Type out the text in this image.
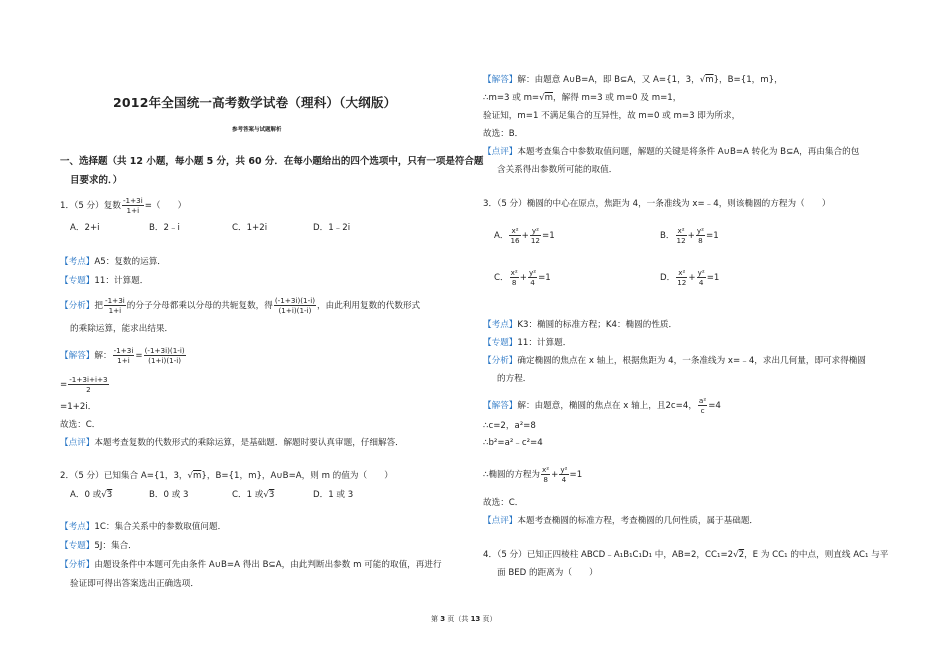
2012年全国统一高考数学试卷（理科）（大纲版）
参考答案与试题解析
一、选择题（共 12 小题，每小题 5 分，共 60 分．在每小题给出的四个选项中，只有一项是符合题
目要求的．）
1．（5 分）复数 $\frac{-1+3i}{1+i}$ =（　　）
A．2+i	B．2﹣i	C．1+2i	D．1﹣2i
【考点】A5：复数的运算．
【专题】11：计算题．
【分析】把 $\frac{-1+3i}{1+i}$ 的分子分母都乘以分母的共轭复数，得 $\frac{(-1+3i)(1-i)}{(1+i)(1-i)}$ ，由此利用复数的代数形式
的乘除运算，能求出结果．
【解答】解： $\frac{-1+3i}{1+i} = \frac{(-1+3i)(1-i)}{(1+i)(1-i)}$
= $\frac{-1+3i+i+3}{2}$
=1+2i．
故选：C．
【点评】本题考查复数的代数形式的乘除运算，是基础题．解题时要认真审题，仔细解答．
2．（5 分）已知集合 A={1，3，√m}，B={1，m}，A∪B=A，则 m 的值为（　　）
A．0 或√3	B．0 或 3	C．1 或√3	D．1 或 3
【考点】1C：集合关系中的参数取值问题．
【专题】5J：集合．
【分析】由题设条件中本题可先由条件 A∪B=A 得出 B⊆A，由此判断出参数 m 可能的取值，再进行
验证即可得出答案选出正确选项．
【解答】解：由题意 A∪B=A，即 B⊆A，又 A={1，3，√m}，B={1，m}，
∴m=3 或 m=√m，解得 m=3 或 m=0 及 m=1，
验证知，m=1 不满足集合的互异性，故 m=0 或 m=3 即为所求，
故选：B．
【点评】本题考查集合中参数取值问题，解题的关键是将条件 A∪B=A 转化为 B⊆A，再由集合的包
含关系得出参数所可能的取值．
3．（5 分）椭圆的中心在原点，焦距为 4，一条准线为 x=﹣4，则该椭圆的方程为（　　）
A． $\frac{\text{x²}}{16} + \frac{\text{y²}}{12} =1$	B． $\frac{\text{x²}}{12} + \frac{\text{y²}}{8} =1$
C． $\frac{\text{x²}}{8} + \frac{\text{y²}}{4} =1$	D． $\frac{\text{x²}}{12} + \frac{\text{y²}}{4} =1$
【考点】K3：椭圆的标准方程；K4：椭圆的性质．
【专题】11：计算题．
【分析】确定椭圆的焦点在 x 轴上，根据焦距为 4，一条准线为 x=﹣4，求出几何量，即可求得椭圆
的方程．
【解答】解：由题意，椭圆的焦点在 x 轴上，且2c=4， $\frac{\text{a²}}{c} =4$
∴c=2，a²=8
∴b²=a²﹣c²=4
∴椭圆的方程为 $\frac{\text{x²}}{8} + \frac{\text{y²}}{4} =1$
故选：C．
【点评】本题考查椭圆的标准方程，考查椭圆的几何性质，属于基础题．
4．（5 分）已知正四棱柱 ABCD﹣A₁B₁C₁D₁ 中，AB=2，CC₁=2√2，E 为 CC₁ 的中点，则直线 AC₁ 与平
面 BED 的距离为（　　）
第 3 页（共 13 页）
